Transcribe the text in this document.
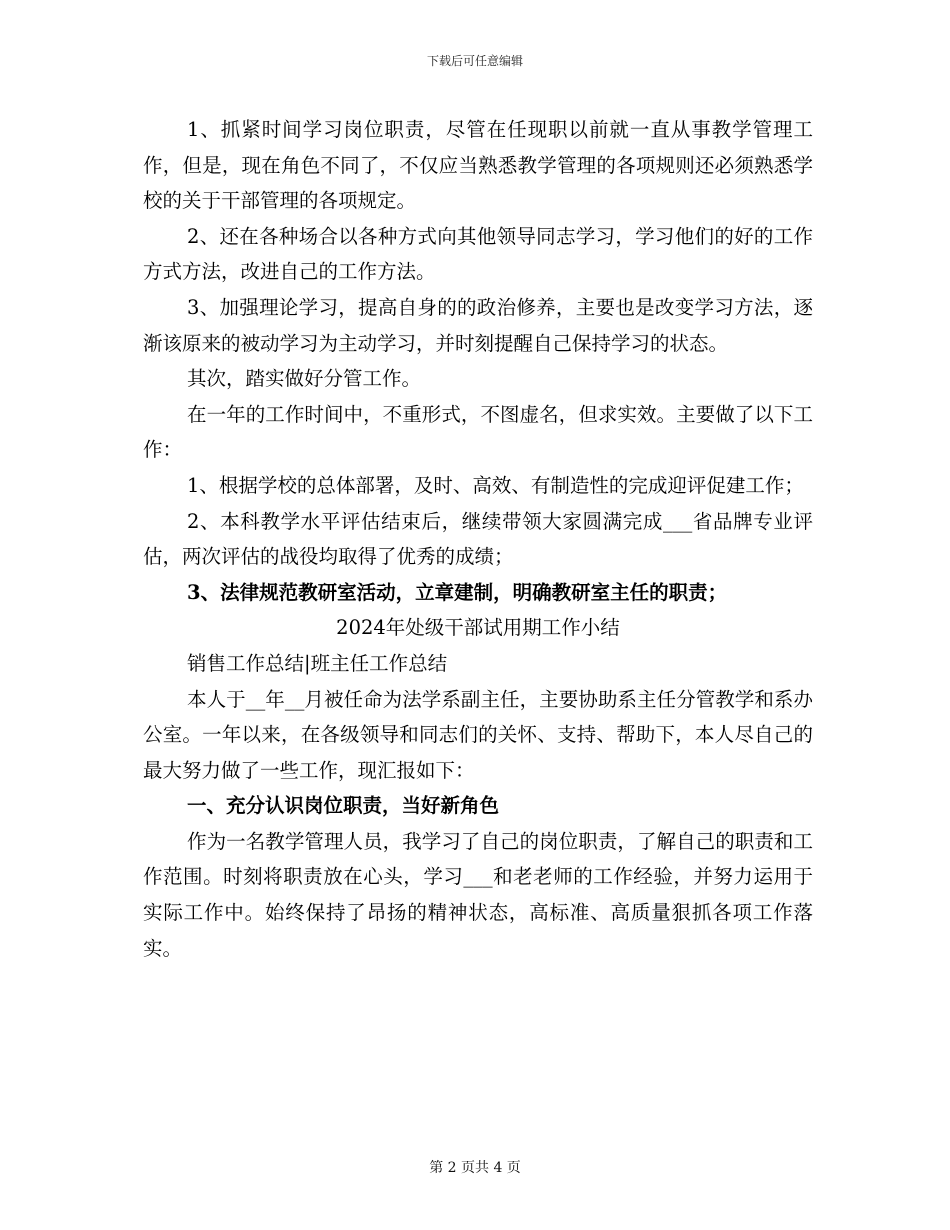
下载后可任意编辑

1、抓紧时间学习岗位职责，尽管在任现职以前就一直从事教学管理工作，但是，现在角色不同了，不仅应当熟悉教学管理的各项规则还必须熟悉学校的关于干部管理的各项规定。

2、还在各种场合以各种方式向其他领导同志学习，学习他们的好的工作方式方法，改进自己的工作方法。

3、加强理论学习，提高自身的的政治修养，主要也是改变学习方法，逐渐该原来的被动学习为主动学习，并时刻提醒自己保持学习的状态。

其次，踏实做好分管工作。

在一年的工作时间中，不重形式，不图虚名，但求实效。主要做了以下工作：

1、根据学校的总体部署，及时、高效、有制造性的完成迎评促建工作；

2、本科教学水平评估结束后，继续带领大家圆满完成___省品牌专业评估，两次评估的战役均取得了优秀的成绩；

3、法律规范教研室活动，立章建制，明确教研室主任的职责；

2024年处级干部试用期工作小结

销售工作总结|班主任工作总结

本人于__年__月被任命为法学系副主任，主要协助系主任分管教学和系办公室。一年以来，在各级领导和同志们的关怀、支持、帮助下，本人尽自己的最大努力做了一些工作，现汇报如下：

一、充分认识岗位职责，当好新角色

作为一名教学管理人员，我学习了自己的岗位职责，了解自己的职责和工作范围。时刻将职责放在心头，学习___和老老师的工作经验，并努力运用于实际工作中。始终保持了昂扬的精神状态，高标准、高质量狠抓各项工作落实。

第 2 页共 4 页
